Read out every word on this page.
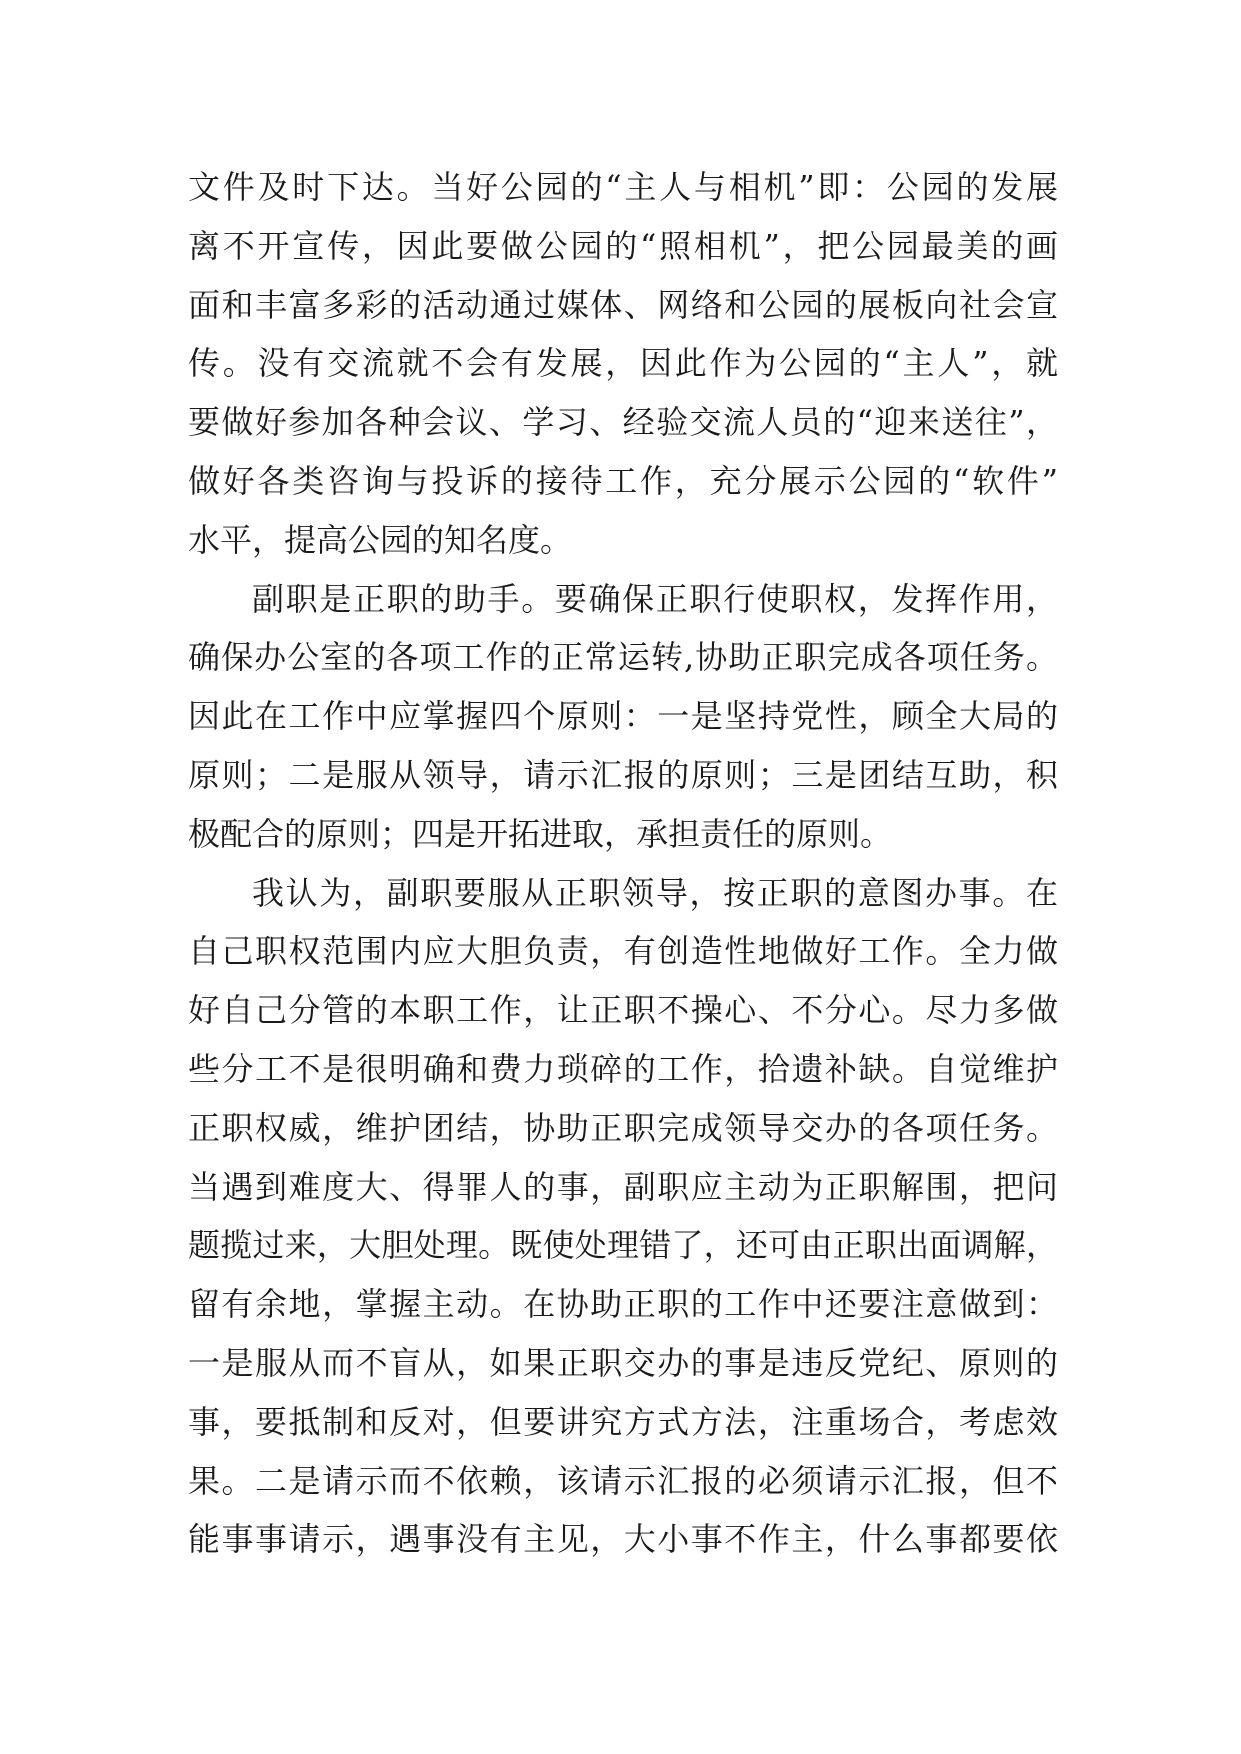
文件及时下达。当好公园的“主人与相机”即：公园的发展
离不开宣传，因此要做公园的“照相机”，把公园最美的画
面和丰富多彩的活动通过媒体、网络和公园的展板向社会宣
传。没有交流就不会有发展，因此作为公园的“主人”，就
要做好参加各种会议、学习、经验交流人员的“迎来送往”，
做好各类咨询与投诉的接待工作，充分展示公园的“软件”
水平，提高公园的知名度。
副职是正职的助手。要确保正职行使职权，发挥作用，
确保办公室的各项工作的正常运转,协助正职完成各项任务。
因此在工作中应掌握四个原则：一是坚持党性，顾全大局的
原则；二是服从领导，请示汇报的原则；三是团结互助，积
极配合的原则；四是开拓进取，承担责任的原则。
我认为，副职要服从正职领导，按正职的意图办事。在
自己职权范围内应大胆负责，有创造性地做好工作。全力做
好自己分管的本职工作，让正职不操心、不分心。尽力多做
些分工不是很明确和费力琐碎的工作，拾遗补缺。自觉维护
正职权威，维护团结，协助正职完成领导交办的各项任务。
当遇到难度大、得罪人的事，副职应主动为正职解围，把问
题揽过来，大胆处理。既使处理错了，还可由正职出面调解，
留有余地，掌握主动。在协助正职的工作中还要注意做到：
一是服从而不盲从，如果正职交办的事是违反党纪、原则的
事，要抵制和反对，但要讲究方式方法，注重场合，考虑效
果。二是请示而不依赖，该请示汇报的必须请示汇报，但不
能事事请示，遇事没有主见，大小事不作主，什么事都要依
